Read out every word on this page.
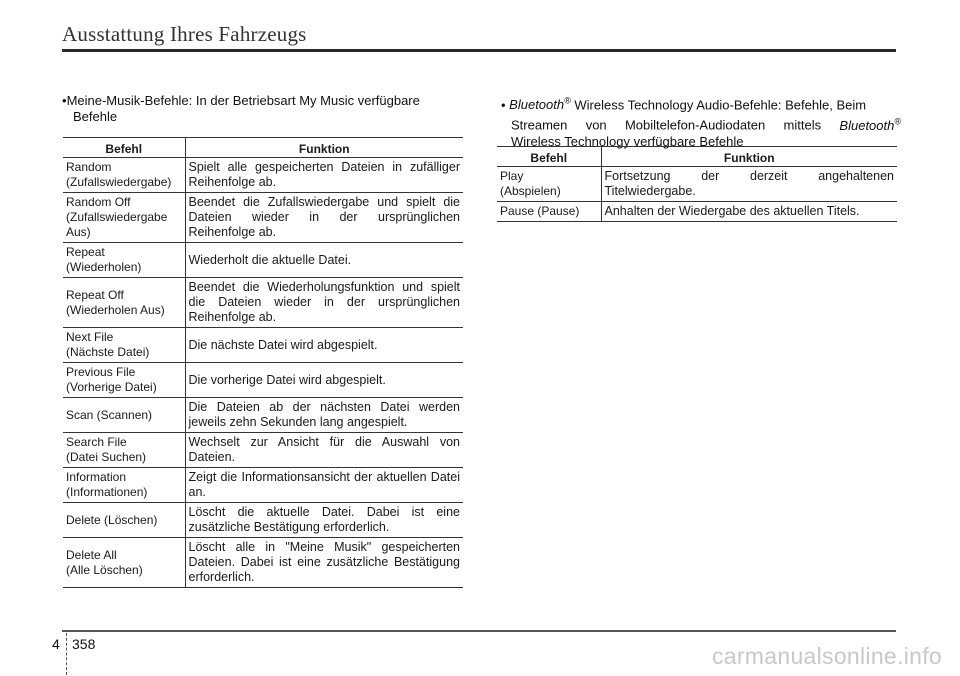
Ausstattung Ihres Fahrzeugs
• Meine-Musik-Befehle: In der Betriebsart My Music verfügbare
Befehle
Befehl	Funktion

Random
(Zufallswiedergabe)	Spielt alle gespeicherten Dateien in zufälliger Reihenfolge ab.

Random Off
(Zufallswiedergabe Aus)	Beendet die Zufallswiedergabe und spielt die Dateien wieder in der ursprünglichen Reihenfolge ab.

Repeat
(Wiederholen)	Wiederholt die aktuelle Datei.

Repeat Off
(Wiederholen Aus)	Beendet die Wiederholungsfunktion und spielt die Dateien wieder in der ursprünglichen Reihenfolge ab.

Next File
(Nächste Datei)	Die nächste Datei wird abgespielt.

Previous File
(Vorherige Datei)	Die vorherige Datei wird abgespielt.

Scan (Scannen)	Die Dateien ab der nächsten Datei werden jeweils zehn Sekunden lang angespielt.

Search File
(Datei Suchen)	Wechselt zur Ansicht für die Auswahl von Dateien.

Information
(Informationen)	Zeigt die Informationsansicht der aktuellen Datei an.

Delete (Löschen)	Löscht die aktuelle Datei. Dabei ist eine zusätzliche Bestätigung erforderlich.

Delete All
(Alle Löschen)	Löscht alle in "Meine Musik" gespeicherten Dateien. Dabei ist eine zusätzliche Bestätigung erforderlich.
• Bluetooth® Wireless Technology Audio-Befehle: Befehle, Beim
Streamen von Mobiltelefon-Audiodaten mittels Bluetooth®
Wireless Technology verfügbare Befehle
Befehl	Funktion

Play
(Abspielen)	Fortsetzung der derzeit angehaltenen Titelwiedergabe.

Pause (Pause)	Anhalten der Wiedergabe des aktuellen Titels.
4 358	carmanualsonline.info
